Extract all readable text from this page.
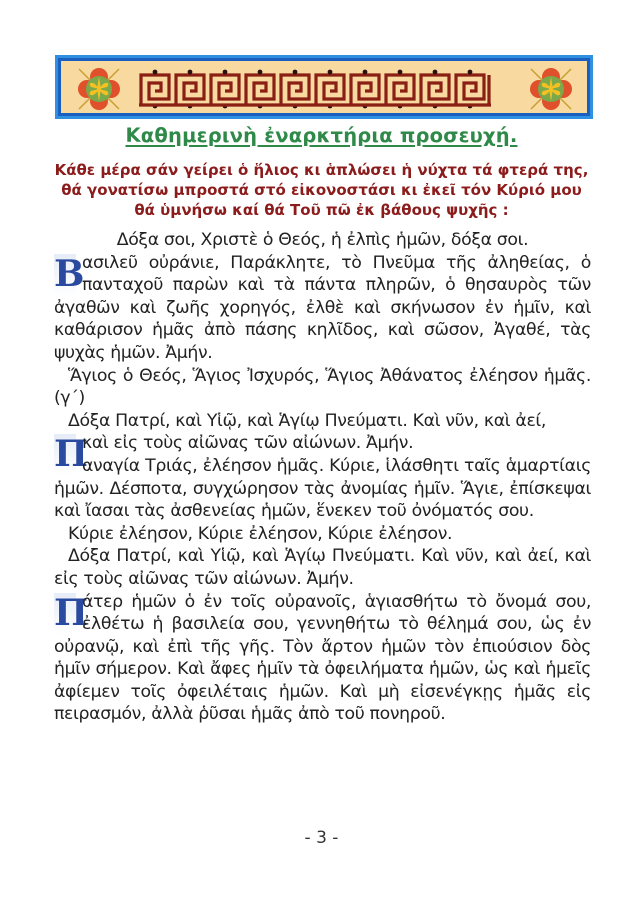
Καθημερινὴ ἐναρκτήρια προσευχή.
Κάθε μέρα σάν γείρει ὁ ἥλιος κι ἁπλώσει ἡ νύχτα τά φτερά της,
θά γονατίσω μπροστά στό εἰκονοστάσι κι ἐκεῖ τόν Κύριό μου
θά ὑμνήσω καί θά Τοῦ πῶ ἐκ βάθους ψυχῆς :

Δόξα σοι, Χριστὲ ὁ Θεός, ἡ ἐλπὶς ἡμῶν, δόξα σοι.

Β
ασιλεῦ οὐράνιε, Παράκλητε, τὸ Πνεῦμα τῆς ἀληθείας, ὁ πανταχοῦ παρὼν καὶ τὰ πάντα πληρῶν, ὁ θησαυρὸς τῶν ἀγαθῶν καὶ ζωῆς χορηγός, ἐλθὲ καὶ σκήνωσον ἐν ἡμῖν, καὶ καθάρισον ἡμᾶς ἀπὸ πάσης κηλῖδος, καὶ σῶσον, Ἀγαθέ, τὰς ψυχὰς ἡμῶν. Ἀμήν.

Ἅγιος ὁ Θεός, Ἅγιος Ἰσχυρός, Ἅγιος Ἀθάνατος ἐλέησον ἡμᾶς. (γ΄)

Δόξα Πατρί, καὶ Υἱῷ, καὶ Ἁγίῳ Πνεύματι. Καὶ νῦν, καὶ ἀεί,

Π
καὶ εἰς τοὺς αἰῶνας τῶν αἰώνων. Ἀμήν.
αναγία Τριάς, ἐλέησον ἡμᾶς. Κύριε, ἱλάσθητι ταῖς ἁμαρτίαις ἡμῶν. Δέσποτα, συγχώρησον τὰς ἀνομίας ἡμῖν. Ἅγιε, ἐπίσκεψαι καὶ ἴασαι τὰς ἀσθενείας ἡμῶν, ἕνεκεν τοῦ ὀνόματός σου.

Κύριε ἐλέησον, Κύριε ἐλέησον, Κύριε ἐλέησον.

Δόξα Πατρί, καὶ Υἱῷ, καὶ Ἁγίῳ Πνεύματι. Καὶ νῦν, καὶ ἀεί, καὶ εἰς τοὺς αἰῶνας τῶν αἰώνων. Ἀμήν.

Π
άτερ ἡμῶν ὁ ἐν τοῖς οὐρανοῖς, ἁγιασθήτω τὸ ὄνομά σου, ἐλθέτω ἡ βασιλεία σου, γεννηθήτω τὸ θέλημά σου, ὡς ἐν οὐρανῷ, καὶ ἐπὶ τῆς γῆς. Τὸν ἄρτον ἡμῶν τὸν ἐπιούσιον δὸς ἡμῖν σήμερον. Καὶ ἄφες ἡμῖν τὰ ὀφειλήματα ἡμῶν, ὡς καὶ ἡμεῖς ἀφίεμεν τοῖς ὀφειλέταις ἡμῶν. Καὶ μὴ εἰσενέγκῃς ἡμᾶς εἰς πειρασμόν, ἀλλὰ ῥῦσαι ἡμᾶς ἀπὸ τοῦ πονηροῦ.

- 3 -
